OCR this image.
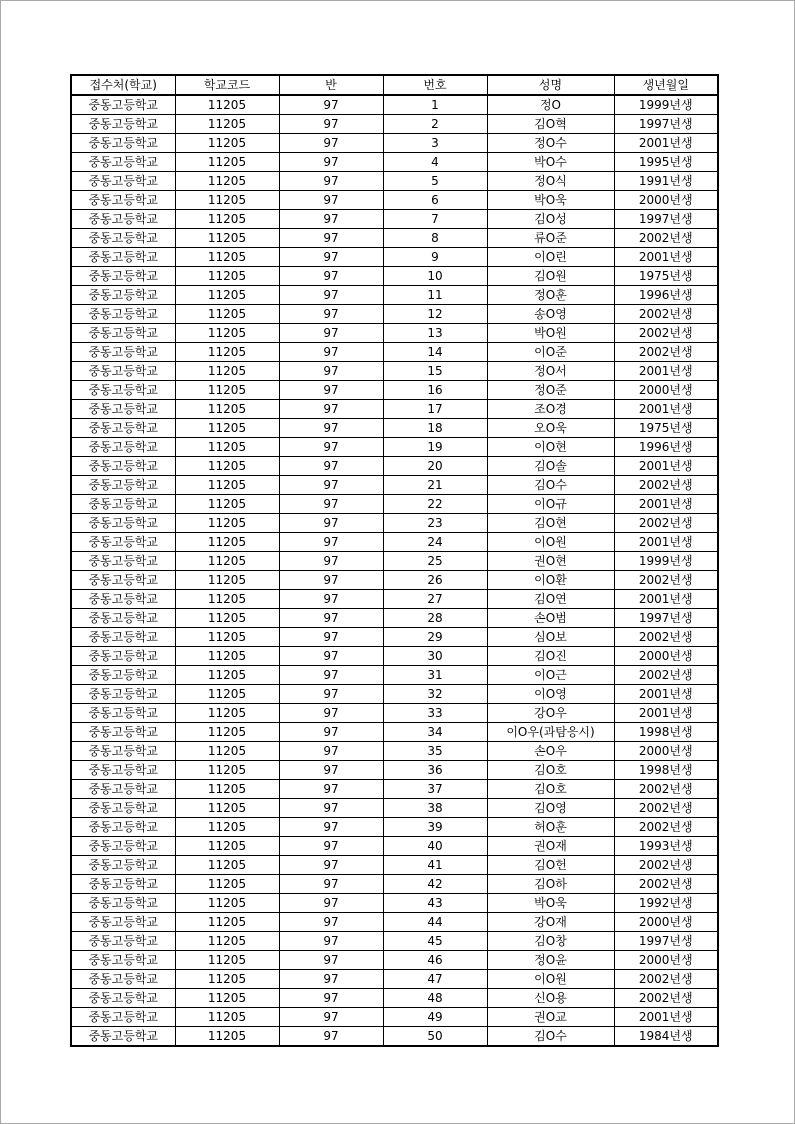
접수처(학교)	학교코드	반	번호	성명	생년월일
중동고등학교	11205	97	1	정O	1999년생
중동고등학교	11205	97	2	김O혁	1997년생
중동고등학교	11205	97	3	정O수	2001년생
중동고등학교	11205	97	4	박O수	1995년생
중동고등학교	11205	97	5	정O식	1991년생
중동고등학교	11205	97	6	박O욱	2000년생
중동고등학교	11205	97	7	김O성	1997년생
중동고등학교	11205	97	8	류O준	2002년생
중동고등학교	11205	97	9	이O린	2001년생
중동고등학교	11205	97	10	김O원	1975년생
중동고등학교	11205	97	11	정O훈	1996년생
중동고등학교	11205	97	12	송O영	2002년생
중동고등학교	11205	97	13	박O원	2002년생
중동고등학교	11205	97	14	이O준	2002년생
중동고등학교	11205	97	15	정O서	2001년생
중동고등학교	11205	97	16	정O준	2000년생
중동고등학교	11205	97	17	조O경	2001년생
중동고등학교	11205	97	18	오O욱	1975년생
중동고등학교	11205	97	19	이O현	1996년생
중동고등학교	11205	97	20	김O솔	2001년생
중동고등학교	11205	97	21	김O수	2002년생
중동고등학교	11205	97	22	이O규	2001년생
중동고등학교	11205	97	23	김O현	2002년생
중동고등학교	11205	97	24	이O원	2001년생
중동고등학교	11205	97	25	권O현	1999년생
중동고등학교	11205	97	26	이O환	2002년생
중동고등학교	11205	97	27	김O연	2001년생
중동고등학교	11205	97	28	손O범	1997년생
중동고등학교	11205	97	29	심O보	2002년생
중동고등학교	11205	97	30	김O진	2000년생
중동고등학교	11205	97	31	이O근	2002년생
중동고등학교	11205	97	32	이O영	2001년생
중동고등학교	11205	97	33	강O우	2001년생
중동고등학교	11205	97	34	이O우(과탐응시)	1998년생
중동고등학교	11205	97	35	손O우	2000년생
중동고등학교	11205	97	36	김O호	1998년생
중동고등학교	11205	97	37	김O호	2002년생
중동고등학교	11205	97	38	김O영	2002년생
중동고등학교	11205	97	39	허O훈	2002년생
중동고등학교	11205	97	40	권O재	1993년생
중동고등학교	11205	97	41	김O헌	2002년생
중동고등학교	11205	97	42	김O하	2002년생
중동고등학교	11205	97	43	박O욱	1992년생
중동고등학교	11205	97	44	강O재	2000년생
중동고등학교	11205	97	45	김O창	1997년생
중동고등학교	11205	97	46	정O윤	2000년생
중동고등학교	11205	97	47	이O원	2002년생
중동고등학교	11205	97	48	신O용	2002년생
중동고등학교	11205	97	49	권O교	2001년생
중동고등학교	11205	97	50	김O수	1984년생
